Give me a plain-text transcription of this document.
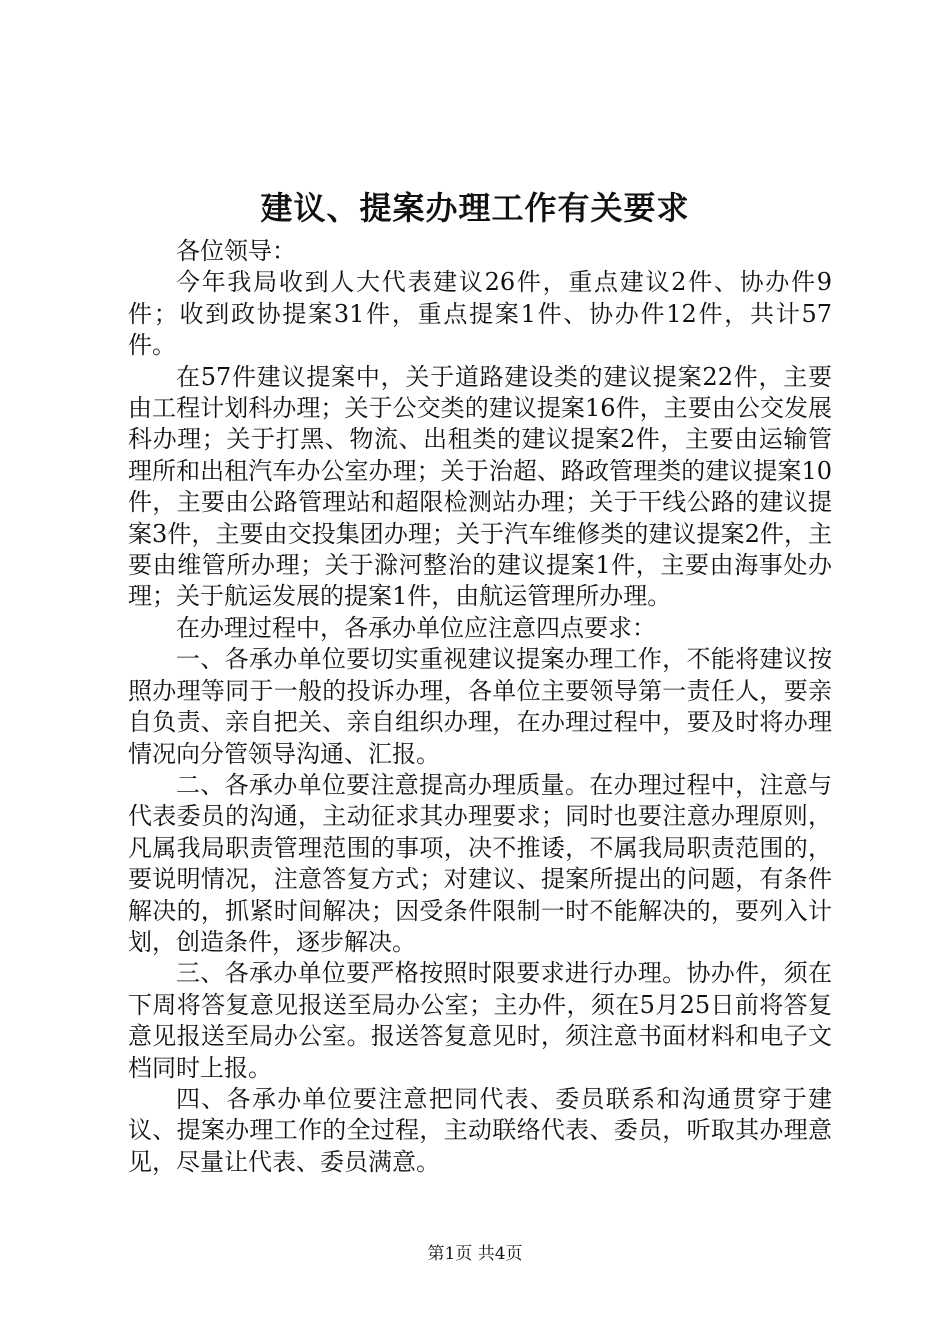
建议、提案办理工作有关要求

各位领导：

今年我局收到人大代表建议26件，重点建议2件、协办件9件；收到政协提案31件，重点提案1件、协办件12件，共计57件。

在57件建议提案中，关于道路建设类的建议提案22件，主要由工程计划科办理；关于公交类的建议提案16件，主要由公交发展科办理；关于打黑、物流、出租类的建议提案2件，主要由运输管理所和出租汽车办公室办理；关于治超、路政管理类的建议提案10件，主要由公路管理站和超限检测站办理；关于干线公路的建议提案3件，主要由交投集团办理；关于汽车维修类的建议提案2件，主要由维管所办理；关于滁河整治的建议提案1件，主要由海事处办理；关于航运发展的提案1件，由航运管理所办理。

在办理过程中，各承办单位应注意四点要求：

一、各承办单位要切实重视建议提案办理工作，不能将建议按照办理等同于一般的投诉办理，各单位主要领导第一责任人，要亲自负责、亲自把关、亲自组织办理，在办理过程中，要及时将办理情况向分管领导沟通、汇报。

二、各承办单位要注意提高办理质量。在办理过程中，注意与代表委员的沟通，主动征求其办理要求；同时也要注意办理原则，凡属我局职责管理范围的事项，决不推诿，不属我局职责范围的，要说明情况，注意答复方式；对建议、提案所提出的问题，有条件解决的，抓紧时间解决；因受条件限制一时不能解决的，要列入计划，创造条件，逐步解决。

三、各承办单位要严格按照时限要求进行办理。协办件，须在下周将答复意见报送至局办公室；主办件，须在5月25日前将答复意见报送至局办公室。报送答复意见时，须注意书面材料和电子文档同时上报。

四、各承办单位要注意把同代表、委员联系和沟通贯穿于建议、提案办理工作的全过程，主动联络代表、委员，听取其办理意见，尽量让代表、委员满意。

第1页 共4页
